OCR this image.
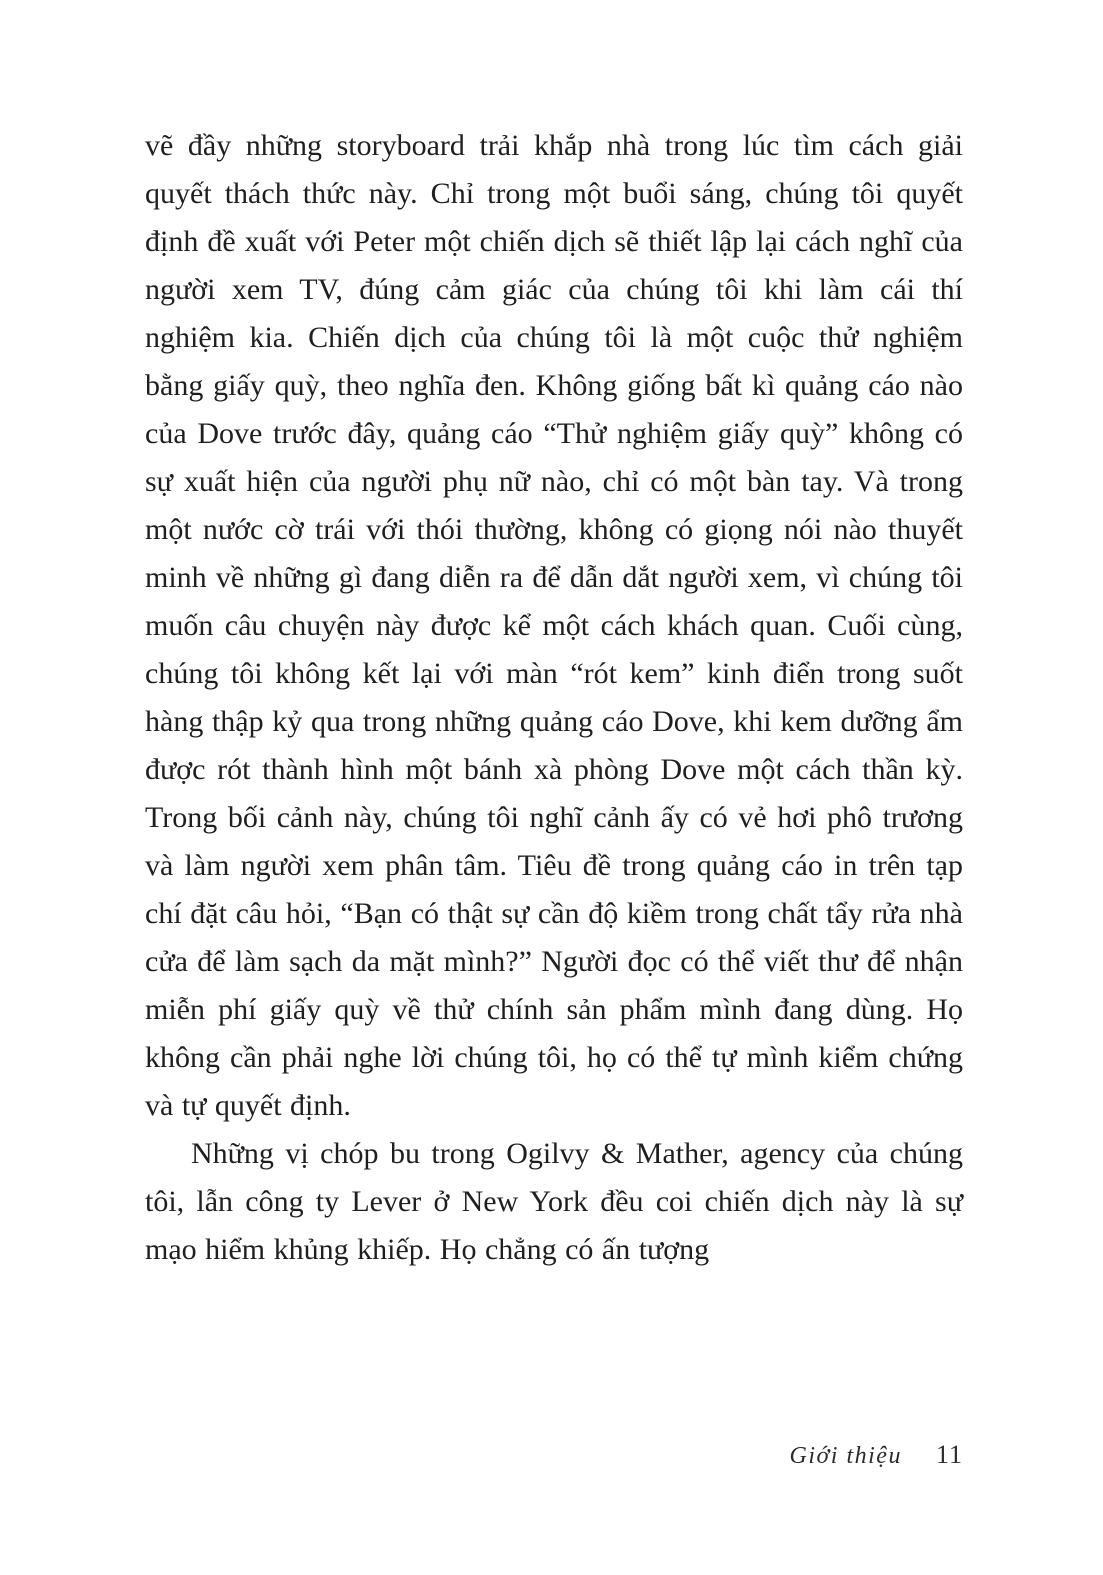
vẽ đầy những storyboard trải khắp nhà trong lúc tìm cách giải quyết thách thức này. Chỉ trong một buổi sáng, chúng tôi quyết định đề xuất với Peter một chiến dịch sẽ thiết lập lại cách nghĩ của người xem TV, đúng cảm giác của chúng tôi khi làm cái thí nghiệm kia. Chiến dịch của chúng tôi là một cuộc thử nghiệm bằng giấy quỳ, theo nghĩa đen. Không giống bất kì quảng cáo nào của Dove trước đây, quảng cáo “Thử nghiệm giấy quỳ” không có sự xuất hiện của người phụ nữ nào, chỉ có một bàn tay. Và trong một nước cờ trái với thói thường, không có giọng nói nào thuyết minh về những gì đang diễn ra để dẫn dắt người xem, vì chúng tôi muốn câu chuyện này được kể một cách khách quan. Cuối cùng, chúng tôi không kết lại với màn “rót kem” kinh điển trong suốt hàng thập kỷ qua trong những quảng cáo Dove, khi kem dưỡng ẩm được rót thành hình một bánh xà phòng Dove một cách thần kỳ. Trong bối cảnh này, chúng tôi nghĩ cảnh ấy có vẻ hơi phô trương và làm người xem phân tâm. Tiêu đề trong quảng cáo in trên tạp chí đặt câu hỏi, “Bạn có thật sự cần độ kiềm trong chất tẩy rửa nhà cửa để làm sạch da mặt mình?” Người đọc có thể viết thư để nhận miễn phí giấy quỳ về thử chính sản phẩm mình đang dùng. Họ không cần phải nghe lời chúng tôi, họ có thể tự mình kiểm chứng và tự quyết định.

Những vị chóp bu trong Ogilvy & Mather, agency của chúng tôi, lẫn công ty Lever ở New York đều coi chiến dịch này là sự mạo hiểm khủng khiếp. Họ chẳng có ấn tượng

Giới thiệu 11
